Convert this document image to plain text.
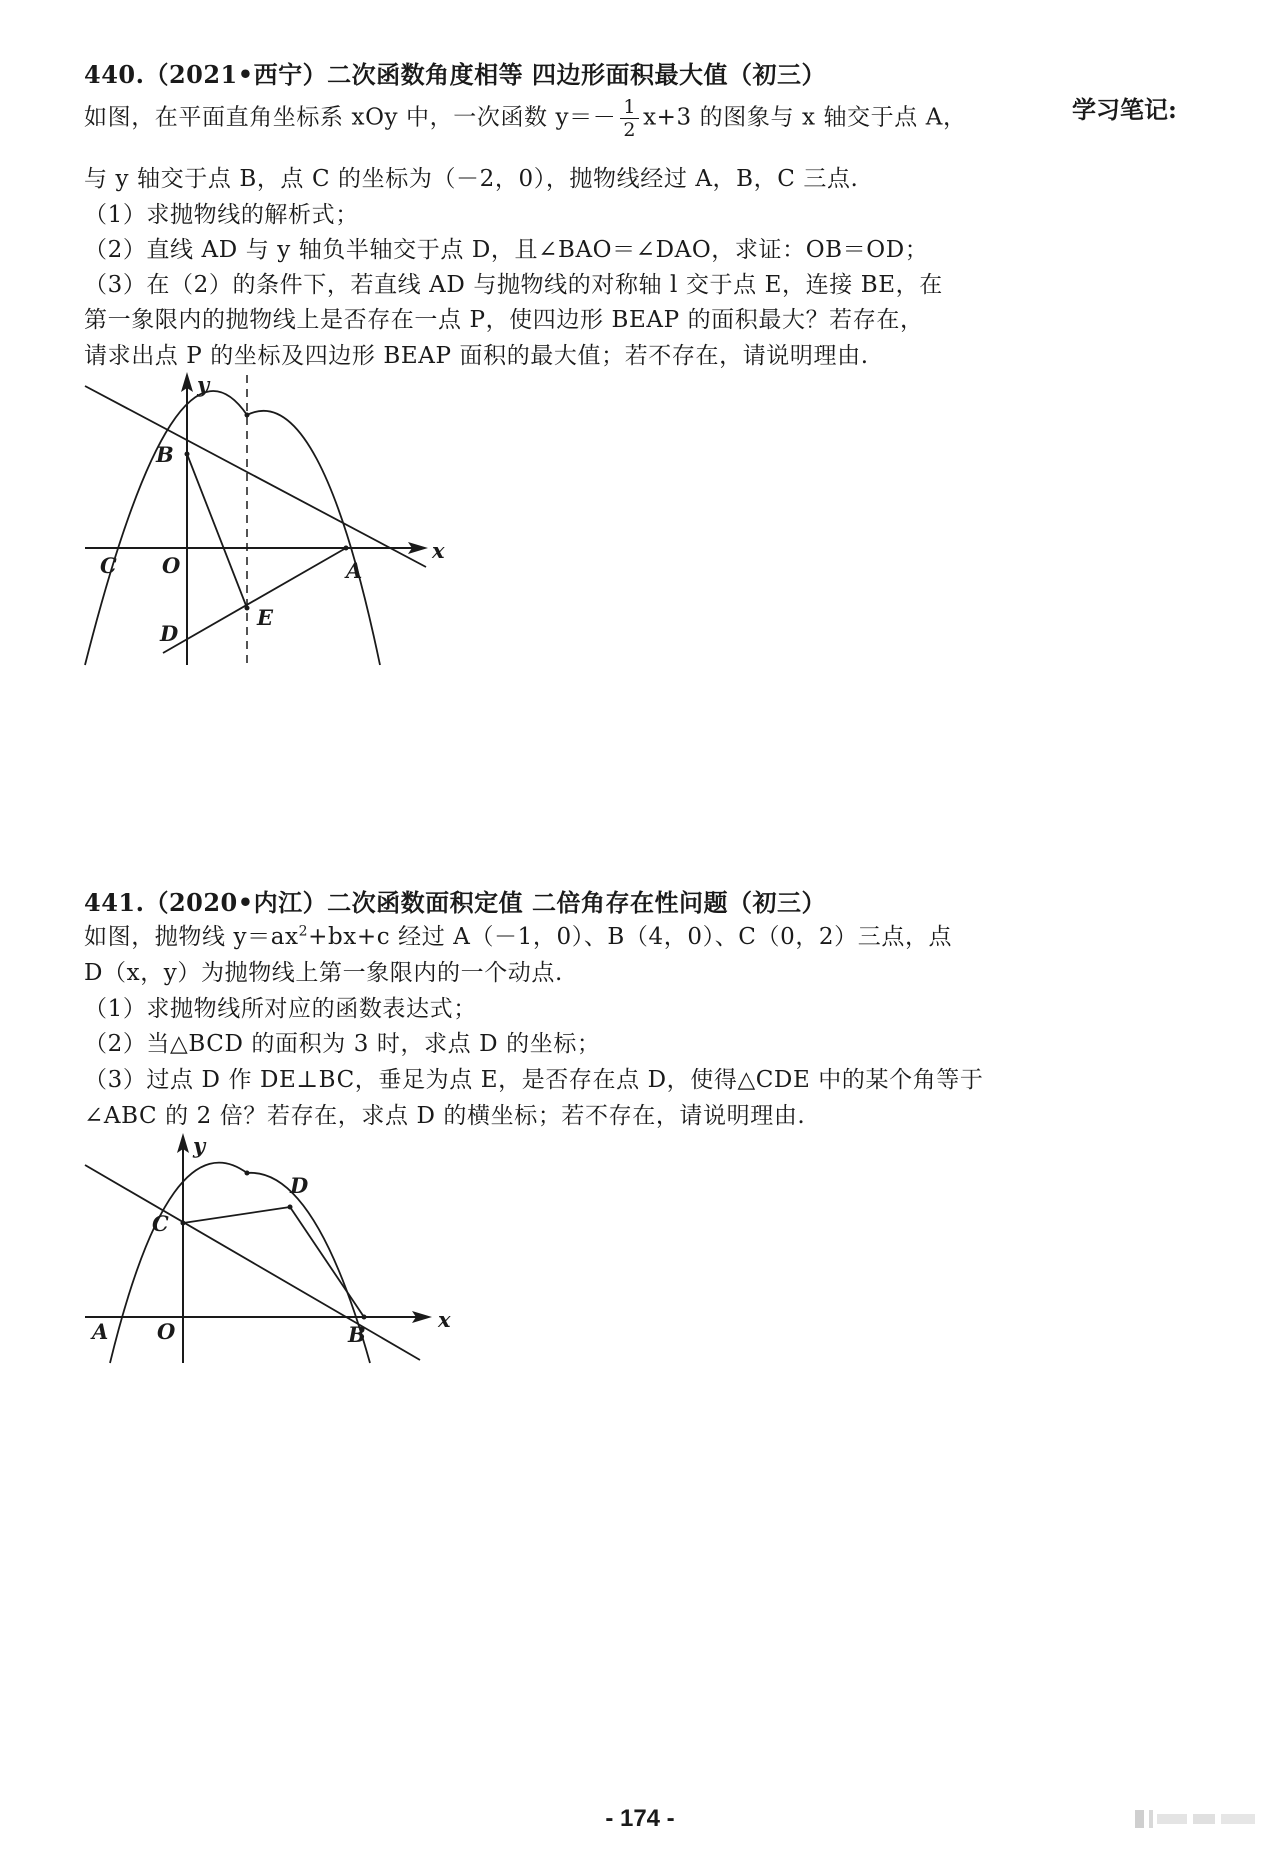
学习笔记:
440.（2021•西宁）二次函数角度相等 四边形面积最大值（初三）
如图，在平面直角坐标系 xOy 中，一次函数 $y=- \frac{1}{2} x+3$ 的图象与 x 轴交于点 A，
与 y 轴交于点 B，点 C 的坐标为（－2，0），抛物线经过 A，B，C 三点.
（1）求抛物线的解析式；
（2）直线 AD 与 y 轴负半轴交于点 D，且∠BAO＝∠DAO，求证：OB＝OD；
（3）在（2）的条件下，若直线 AD 与抛物线的对称轴 l 交于点 E，连接 BE，在
第一象限内的抛物线上是否存在一点 P，使四边形 BEAP 的面积最大？若存在，
请求出点 P 的坐标及四边形 BEAP 面积的最大值；若不存在，请说明理由.
y
x
B
C O	A
E
D
441.（2020•内江）二次函数面积定值 二倍角存在性问题（初三）
如图，抛物线 $y=ax^2+bx+c$ 经过 A（－1，0）、B（4，0）、C（0，2）三点，点
D（x，y）为抛物线上第一象限内的一个动点.
（1）求抛物线所对应的函数表达式；
（2）当△BCD 的面积为 3 时，求点 D 的坐标；
（3）过点 D 作 DE⊥BC，垂足为点 E，是否存在点 D，使得△CDE 中的某个角等于
∠ABC 的 2 倍？若存在，求点 D 的横坐标；若不存在，请说明理由.
y
x
C
D
A O	B
- 174 -
